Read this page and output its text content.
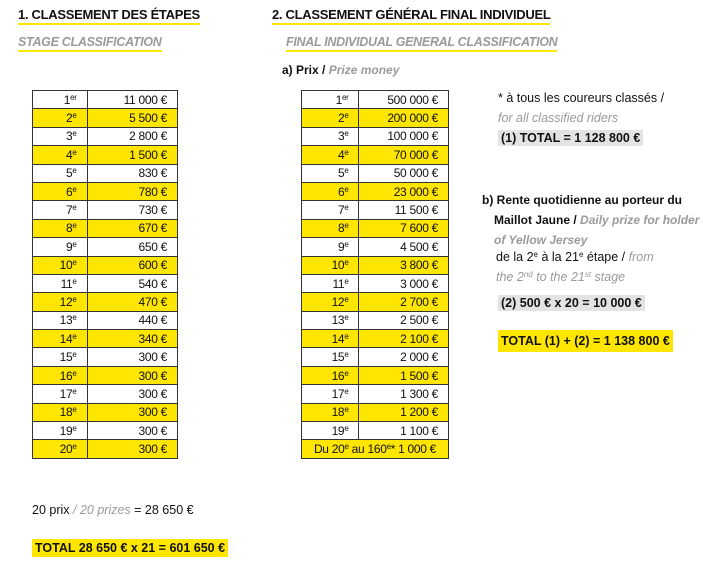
1. CLASSEMENT DES ÉTAPES
STAGE CLASSIFICATION
1er	11 000 €
2e	5 500 €
3e	2 800 €
4e	1 500 €
5e	830 €
6e	780 €
7e	730 €
8e	670 €
9e	650 €
10e	600 €
11e	540 €
12e	470 €
13e	440 €
14e	340 €
15e	300 €
16e	300 €
17e	300 €
18e	300 €
19e	300 €
20e	300 €
20 prix / 20 prizes = 28 650 €
TOTAL 28 650 € x 21 = 601 650 €
2. CLASSEMENT GÉNÉRAL FINAL INDIVIDUEL
FINAL INDIVIDUAL GENERAL CLASSIFICATION
a) Prix / Prize money
1er	500 000 €
2e	200 000 €
3e	100 000 €
4e	70 000 €
5e	50 000 €
6e	23 000 €
7e	11 500 €
8e	7 600 €
9e	4 500 €
10e	3 800 €
11e	3 000 €
12e	2 700 €
13e	2 500 €
14e	2 100 €
15e	2 000 €
16e	1 500 €
17e	1 300 €
18e	1 200 €
19e	1 100 €
Du 20e au 160e* 1 000 €	
* à tous les coureurs classés /
for all classified riders
(1) TOTAL = 1 128 800 €
b) Rente quotidienne au porteur du
Maillot Jaune / Daily prize for holder
of Yellow Jersey
de la 2e à la 21e étape / from
the 2nd to the 21st stage
(2) 500 € x 20 = 10 000 €
TOTAL (1) + (2) = 1 138 800 €
